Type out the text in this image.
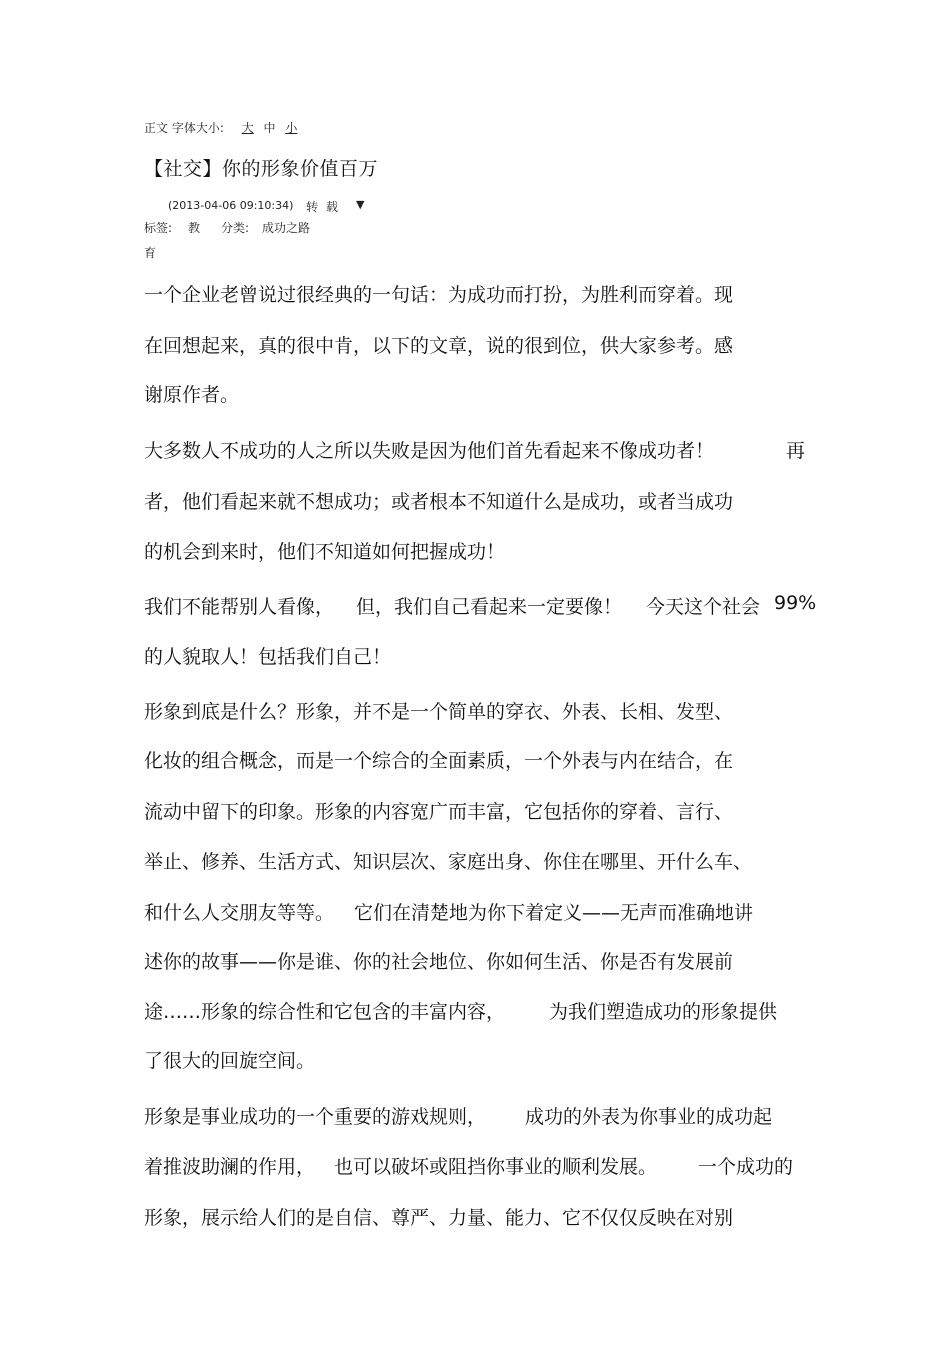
正文 字体大小: 大 中 小
【社交】你的形象价值百万
(2013-04-06 09:10:34) 转载 ▼
标签: 教
育
分类: 成功之路
一个企业老曾说过很经典的一句话：为成功而打扮，为胜利而穿着。现
在回想起来，真的很中肯，以下的文章，说的很到位，供大家参考。感
谢原作者。
大多数人不成功的人之所以失败是因为他们首先看起来不像成功者！	再
者，他们看起来就不想成功；或者根本不知道什么是成功，或者当成功
的机会到来时，他们不知道如何把握成功！
我们不能帮别人看像， 但，我们自己看起来一定要像！ 今天这个社会 99%
的人貌取人！包括我们自己！
形象到底是什么？形象，并不是一个简单的穿衣、外表、长相、发型、
化妆的组合概念，而是一个综合的全面素质，一个外表与内在结合，在
流动中留下的印象。形象的内容宽广而丰富，它包括你的穿着、言行、
举止、修养、生活方式、知识层次、家庭出身、你住在哪里、开什么车、
和什么人交朋友等等。 它们在清楚地为你下着定义——无声而准确地讲
述你的故事——你是谁、你的社会地位、你如何生活、你是否有发展前
途……形象的综合性和它包含的丰富内容， 为我们塑造成功的形象提供
了很大的回旋空间。
形象是事业成功的一个重要的游戏规则， 成功的外表为你事业的成功起
着推波助澜的作用， 也可以破坏或阻挡你事业的顺利发展。 一个成功的
形象，展示给人们的是自信、尊严、力量、能力、它不仅仅反映在对别
